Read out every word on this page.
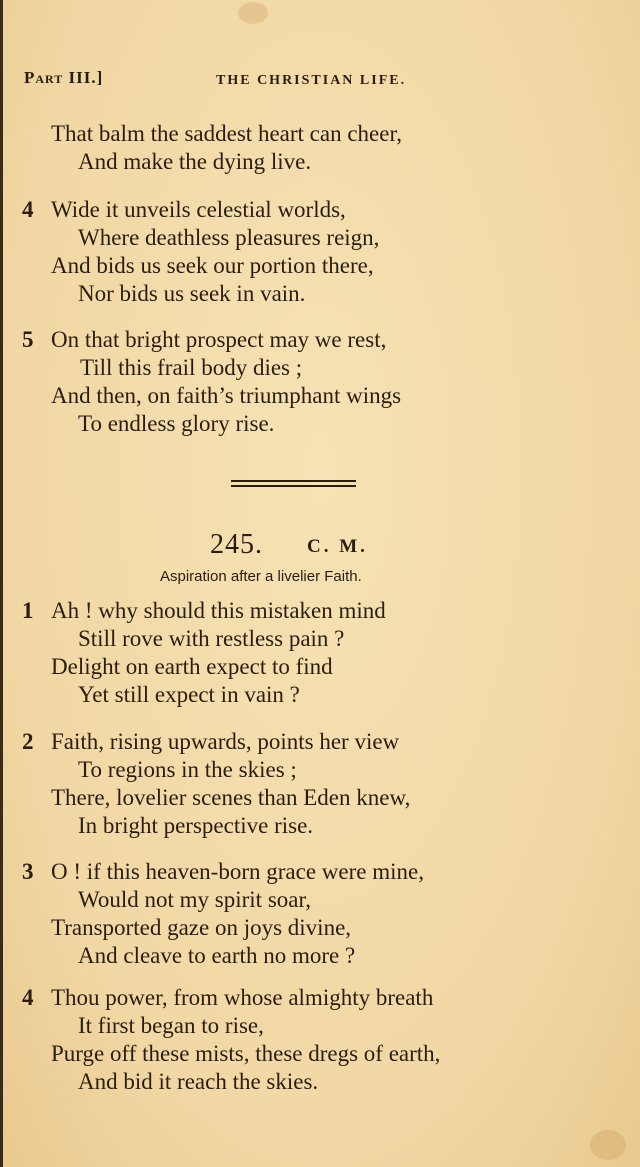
Part III.]	THE CHRISTIAN LIFE.
That balm the saddest heart can cheer,
And make the dying live.
4 Wide it unveils celestial worlds,
Where deathless pleasures reign,
And bids us seek our portion there,
Nor bids us seek in vain.
5 On that bright prospect may we rest,
Till this frail body dies ;
And then, on faith’s triumphant wings
To endless glory rise.
245. C. M.
Aspiration after a livelier Faith.
1 Ah ! why should this mistaken mind
Still rove with restless pain ?
Delight on earth expect to find
Yet still expect in vain ?
2 Faith, rising upwards, points her view
To regions in the skies ;
There, lovelier scenes than Eden knew,
In bright perspective rise.
3 O ! if this heaven-born grace were mine,
Would not my spirit soar,
Transported gaze on joys divine,
And cleave to earth no more ?
4 Thou power, from whose almighty breath
It first began to rise,
Purge off these mists, these dregs of earth,
And bid it reach the skies.
